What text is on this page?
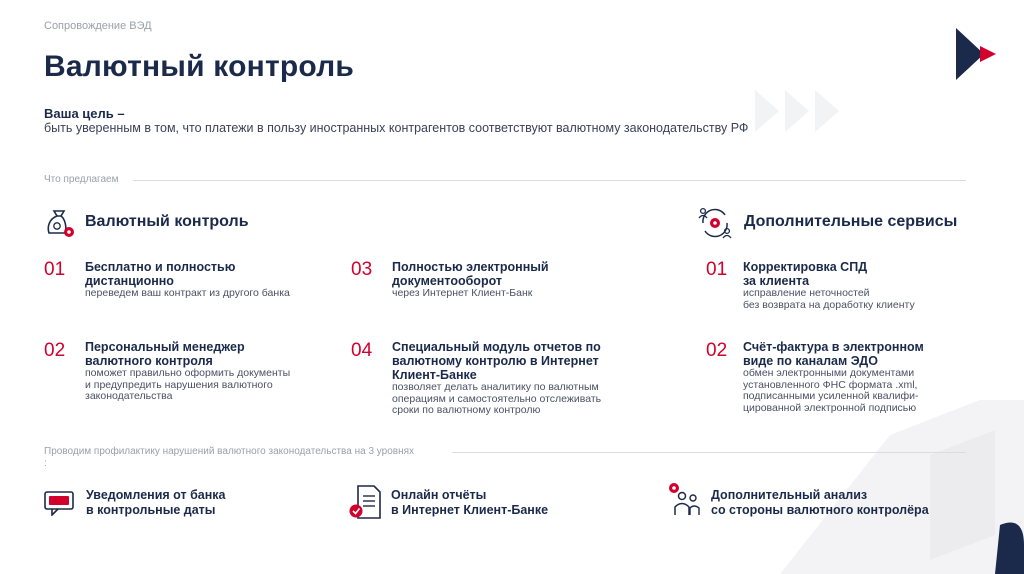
Сопровождение ВЭД
Валютный контроль
Ваша цель –
быть уверенным в том, что платежи в пользу иностранных контрагентов соответствуют валютному законодательству РФ
Что предлагаем
Валютный контроль
01 Бесплатно и полностью
дистанционно
переведем ваш контракт из другого банка
02 Персональный менеджер
валютного контроля
поможет правильно оформить документы
и предупредить нарушения валютного
законодательства
03 Полностью электронный
документооборот
через Интернет Клиент-Банк
04 Специальный модуль отчетов по
валютному контролю в Интернет
Клиент-Банке
позволяет делать аналитику по валютным
операциям и самостоятельно отслеживать
сроки по валютному контролю
Дополнительные сервисы
01 Корректировка СПД
за клиента
исправление неточностей
без возврата на доработку клиенту
02 Счёт-фактура в электронном
виде по каналам ЭДО
обмен электронными документами
установленного ФНС формата .xml,
подписанными усиленной квалифи-
цированной электронной подписью
Проводим профилактику нарушений валютного законодательства на 3 уровнях
:
Уведомления от банка
в контрольные даты
Онлайн отчёты
в Интернет Клиент-Банке
Дополнительный анализ
со стороны валютного контролёра
